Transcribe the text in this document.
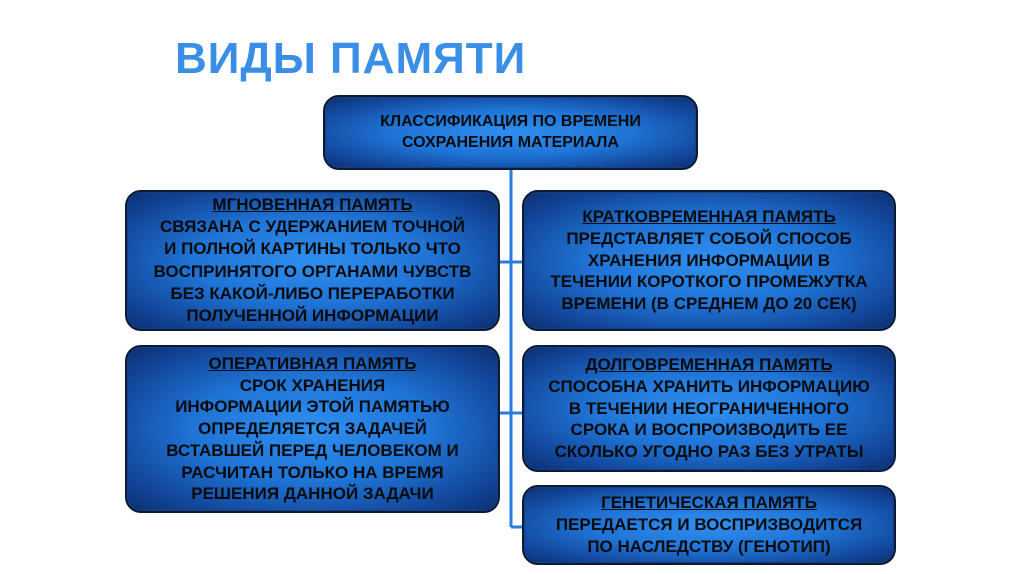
ВИДЫ ПАМЯТИ
КЛАССИФИКАЦИЯ ПО ВРЕМЕНИ
СОХРАНЕНИЯ МАТЕРИАЛА
МГНОВЕННАЯ ПАМЯТЬ
СВЯЗАНА С УДЕРЖАНИЕМ ТОЧНОЙ
И ПОЛНОЙ КАРТИНЫ ТОЛЬКО ЧТО
ВОСПРИНЯТОГО ОРГАНАМИ ЧУВСТВ
БЕЗ КАКОЙ-ЛИБО ПЕРЕРАБОТКИ
ПОЛУЧЕННОЙ ИНФОРМАЦИИ
КРАТКОВРЕМЕННАЯ ПАМЯТЬ
ПРЕДСТАВЛЯЕТ СОБОЙ СПОСОБ
ХРАНЕНИЯ ИНФОРМАЦИИ В
ТЕЧЕНИИ КОРОТКОГО ПРОМЕЖУТКА
ВРЕМЕНИ (В СРЕДНЕМ ДО 20 СЕК)
ОПЕРАТИВНАЯ ПАМЯТЬ
СРОК ХРАНЕНИЯ
ИНФОРМАЦИИ ЭТОЙ ПАМЯТЬЮ
ОПРЕДЕЛЯЕТСЯ ЗАДАЧЕЙ
ВСТАВШЕЙ ПЕРЕД ЧЕЛОВЕКОМ И
РАСЧИТАН ТОЛЬКО НА ВРЕМЯ
РЕШЕНИЯ ДАННОЙ ЗАДАЧИ
ДОЛГОВРЕМЕННАЯ ПАМЯТЬ
СПОСОБНА ХРАНИТЬ ИНФОРМАЦИЮ
В ТЕЧЕНИИ НЕОГРАНИЧЕННОГО
СРОКА И ВОСПРОИЗВОДИТЬ ЕЕ
СКОЛЬКО УГОДНО РАЗ БЕЗ УТРАТЫ
ГЕНЕТИЧЕСКАЯ ПАМЯТЬ
ПЕРЕДАЕТСЯ И ВОСПРИЗВОДИТСЯ
ПО НАСЛЕДСТВУ (ГЕНОТИП)
